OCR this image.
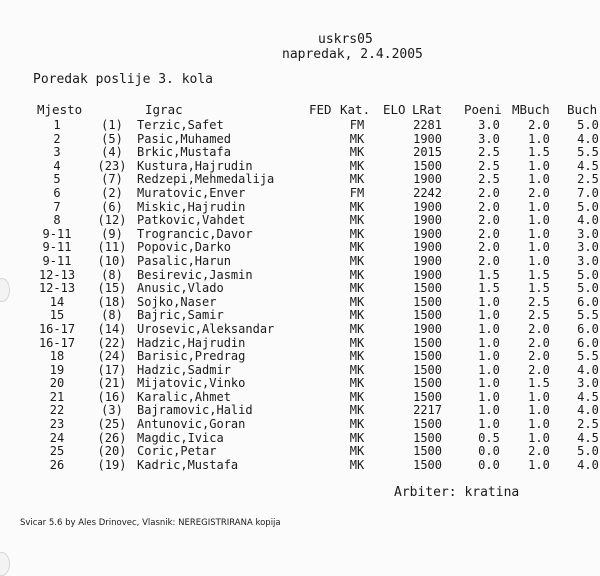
uskrs05
napredak, 2.4.2005
Poredak poslije 3. kola
Mjesto	Igrac	FED Kat. ELO LRat Poeni MBuch Buch
1	(1)	Terzic,Safet	FM	2281	3.0	2.0	5.0
2	(5)	Pasic,Muhamed	MK	1900	3.0	1.0	4.0
3	(4)	Brkic,Mustafa	MK	2015	2.5	1.5	5.5
4	(23) Kustura,Hajrudin	MK	1500	2.5	1.0	4.5
5	(7)	Redzepi,Mehmedalija	MK	1900	2.5	1.0	2.5
6	(2)	Muratovic,Enver	FM	2242	2.0	2.0	7.0
7	(6)	Miskic,Hajrudin	MK	1900	2.0	1.0	5.0
8	(12) Patkovic,Vahdet	MK	1900	2.0	1.0	4.0
9-11	(9)	Trograncic,Davor	MK	1900	2.0	1.0	3.0
9-11	(11) Popovic,Darko	MK	1900	2.0	1.0	3.0
9-11	(10) Pasalic,Harun	MK	1900	2.0	1.0	3.0
12-13	(8)	Besirevic,Jasmin	MK	1900	1.5	1.5	5.0
12-13	(15) Anusic,Vlado	MK	1500	1.5	1.5	5.0
14	(18) Sojko,Naser	MK	1500	1.0	2.5	6.0
15	(8)	Bajric,Samir	MK	1500	1.0	2.5	5.5
16-17	(14) Urosevic,Aleksandar	MK	1900	1.0	2.0	6.0
16-17	(22) Hadzic,Hajrudin	MK	1500	1.0	2.0	6.0
18	(24) Barisic,Predrag	MK	1500	1.0	2.0	5.5
19	(17) Hadzic,Sadmir	MK	1500	1.0	2.0	4.0
20	(21) Mijatovic,Vinko	MK	1500	1.0	1.5	3.0
21	(16) Karalic,Ahmet	MK	1500	1.0	1.0	4.5
22	(3)	Bajramovic,Halid	MK	2217	1.0	1.0	4.0
23	(25) Antunovic,Goran	MK	1500	1.0	1.0	2.5
24	(26) Magdic,Ivica	MK	1500	0.5	1.0	4.5
25	(20) Coric,Petar	MK	1500	0.0	2.0	5.0
26	(19) Kadric,Mustafa	MK	1500	0.0	1.0	4.0
Arbiter: kratina
Svicar 5.6 by Ales Drinovec, Vlasnik: NEREGISTRIRANA kopija
